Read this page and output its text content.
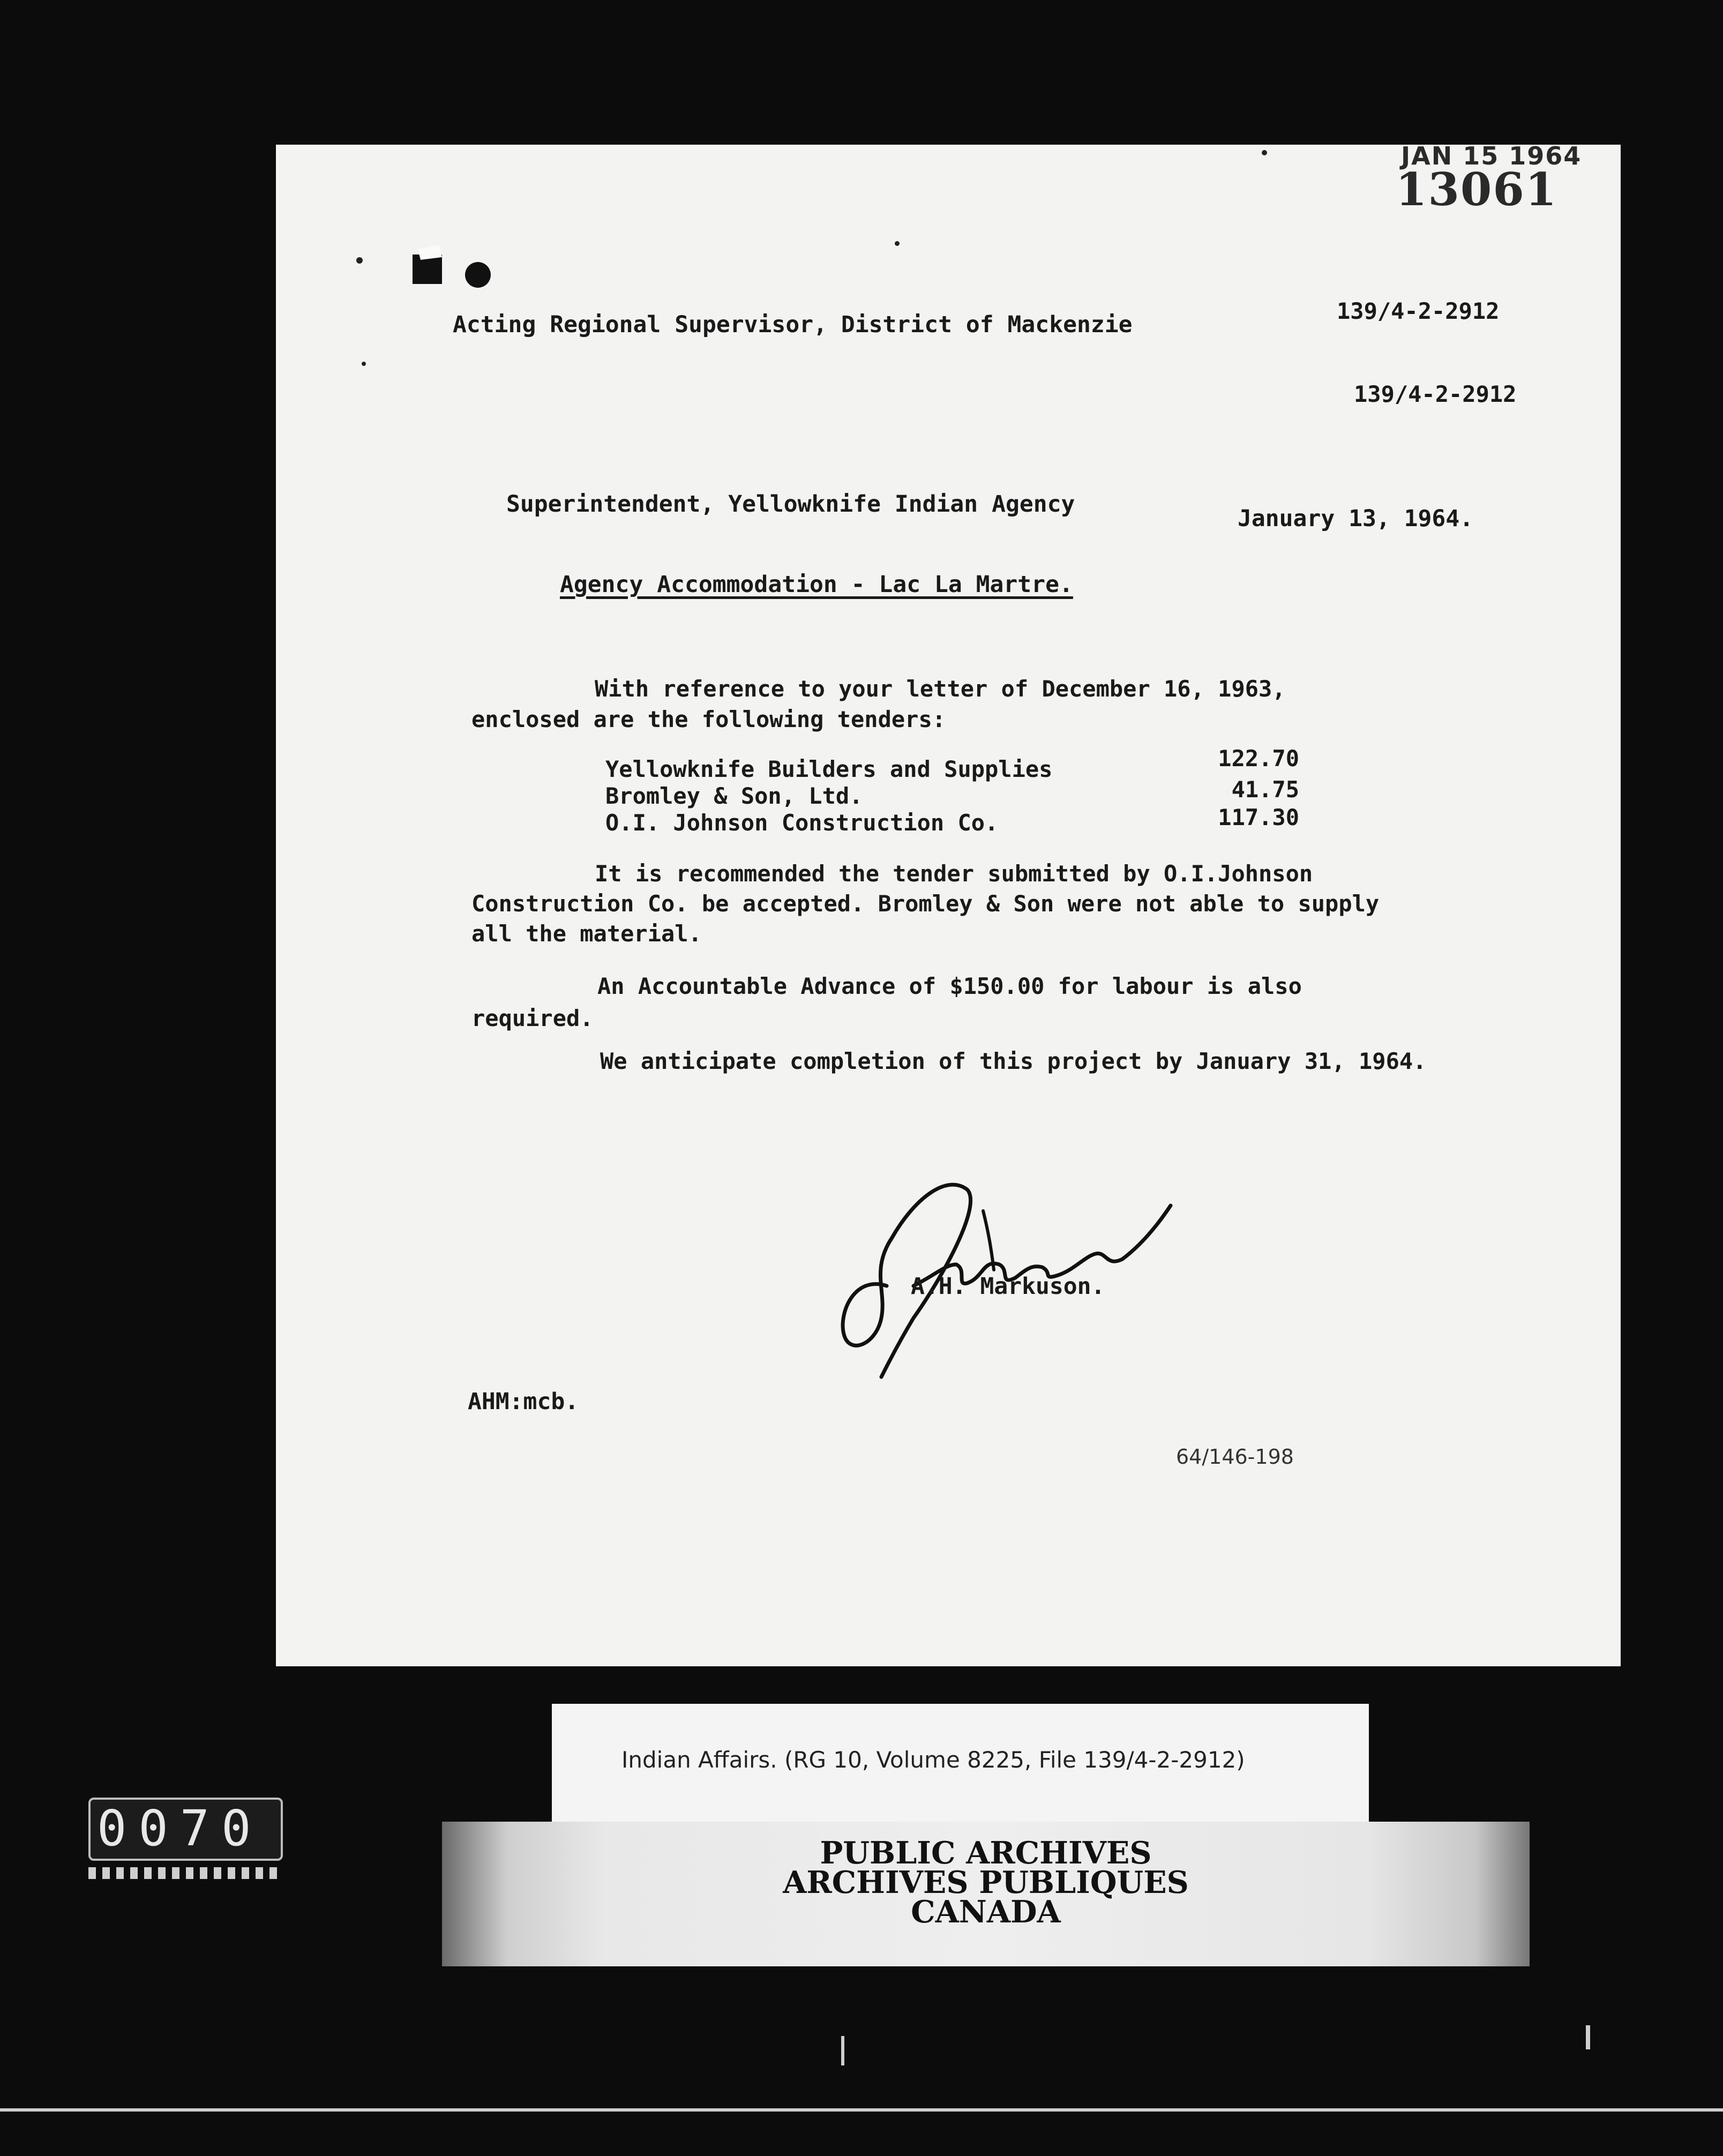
JAN 15 1964
13061
139/4-2-2912
139/4-2-2912
Acting Regional Supervisor, District of Mackenzie
Superintendent, Yellowknife Indian Agency
January 13, 1964.
Agency Accommodation - Lac La Martre.
With reference to your letter of December 16, 1963,
enclosed are the following tenders:
Yellowknife Builders and Supplies	122.70
Bromley & Son, Ltd.	41.75
O.I. Johnson Construction Co.	117.30
It is recommended the tender submitted by O.I.Johnson
Construction Co. be accepted. Bromley & Son were not able to supply
all the material.
An Accountable Advance of $150.00 for labour is also
required.
We anticipate completion of this project by January 31, 1964.
A.H. Markuson.
AHM:mcb.
64/146-198
Indian Affairs. (RG 10, Volume 8225, File 139/4-2-2912)
PUBLIC ARCHIVES
ARCHIVES PUBLIQUES
CANADA
0070
